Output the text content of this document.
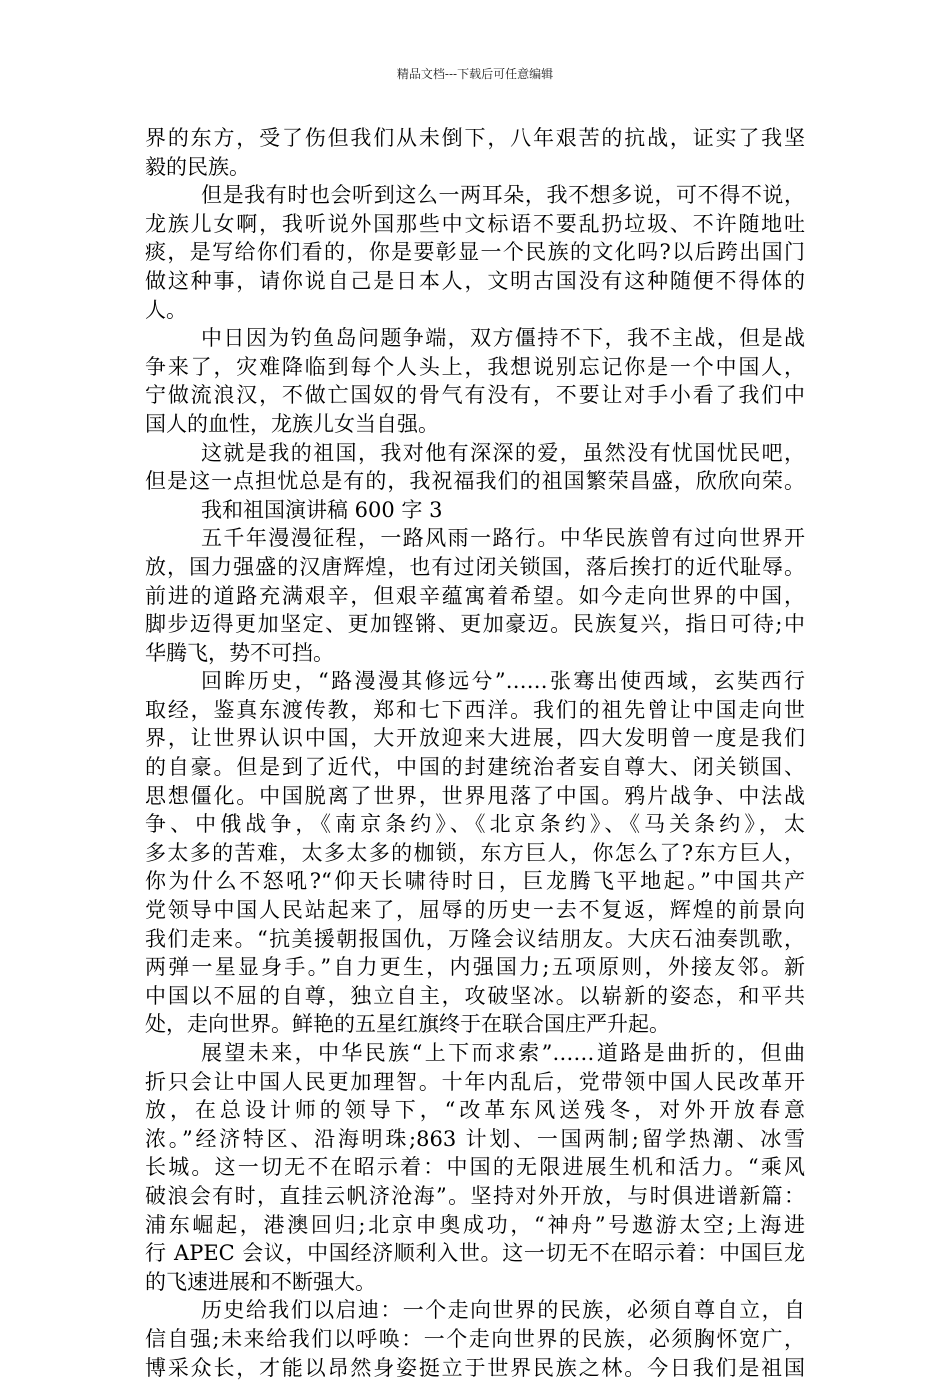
精品文档---下载后可任意编辑
界的东方，受了伤但我们从未倒下，八年艰苦的抗战，证实了我坚
毅的民族。
但是我有时也会听到这么一两耳朵，我不想多说，可不得不说，
龙族儿女啊，我听说外国那些中文标语不要乱扔垃圾、不许随地吐
痰，是写给你们看的，你是要彰显一个民族的文化吗?以后跨出国门
做这种事，请你说自己是日本人，文明古国没有这种随便不得体的
人。
中日因为钓鱼岛问题争端，双方僵持不下，我不主战，但是战
争来了，灾难降临到每个人头上，我想说别忘记你是一个中国人，
宁做流浪汉，不做亡国奴的骨气有没有，不要让对手小看了我们中
国人的血性，龙族儿女当自强。
这就是我的祖国，我对他有深深的爱，虽然没有忧国忧民吧，
但是这一点担忧总是有的，我祝福我们的祖国繁荣昌盛，欣欣向荣。
我和祖国演讲稿 600 字 3
五千年漫漫征程，一路风雨一路行。中华民族曾有过向世界开
放，国力强盛的汉唐辉煌，也有过闭关锁国，落后挨打的近代耻辱。
前进的道路充满艰辛，但艰辛蕴寓着希望。如今走向世界的中国，
脚步迈得更加坚定、更加铿锵、更加豪迈。民族复兴，指日可待;中
华腾飞，势不可挡。
回眸历史，“路漫漫其修远兮”……张骞出使西域，玄奘西行
取经，鉴真东渡传教，郑和七下西洋。我们的祖先曾让中国走向世
界，让世界认识中国，大开放迎来大进展，四大发明曾一度是我们
的自豪。但是到了近代，中国的封建统治者妄自尊大、闭关锁国、
思想僵化。中国脱离了世界，世界甩落了中国。鸦片战争、中法战
争、中俄战争，《南京条约》、《北京条约》、《马关条约》，太
多太多的苦难，太多太多的枷锁，东方巨人，你怎么了?东方巨人，
你为什么不怒吼?“仰天长啸待时日，巨龙腾飞平地起。”中国共产
党领导中国人民站起来了，屈辱的历史一去不复返，辉煌的前景向
我们走来。“抗美援朝报国仇，万隆会议结朋友。大庆石油奏凯歌，
两弹一星显身手。”自力更生，内强国力;五项原则，外接友邻。新
中国以不屈的自尊，独立自主，攻破坚冰。以崭新的姿态，和平共
处，走向世界。鲜艳的五星红旗终于在联合国庄严升起。
展望未来，中华民族“上下而求索”……道路是曲折的，但曲
折只会让中国人民更加理智。十年内乱后，党带领中国人民改革开
放，在总设计师的领导下，“改革东风送残冬，对外开放春意
浓。”经济特区、沿海明珠;863 计划、一国两制;留学热潮、冰雪
长城。这一切无不在昭示着：中国的无限进展生机和活力。“乘风
破浪会有时，直挂云帆济沧海”。坚持对外开放，与时俱进谱新篇：
浦东崛起，港澳回归;北京申奥成功，“神舟”号遨游太空;上海进
行 APEC 会议，中国经济顺利入世。这一切无不在昭示着：中国巨龙
的飞速进展和不断强大。
历史给我们以启迪：一个走向世界的民族，必须自尊自立，自
信自强;未来给我们以呼唤：一个走向世界的民族，必须胸怀宽广，
博采众长，才能以昂然身姿挺立于世界民族之林。今日我们是祖国
